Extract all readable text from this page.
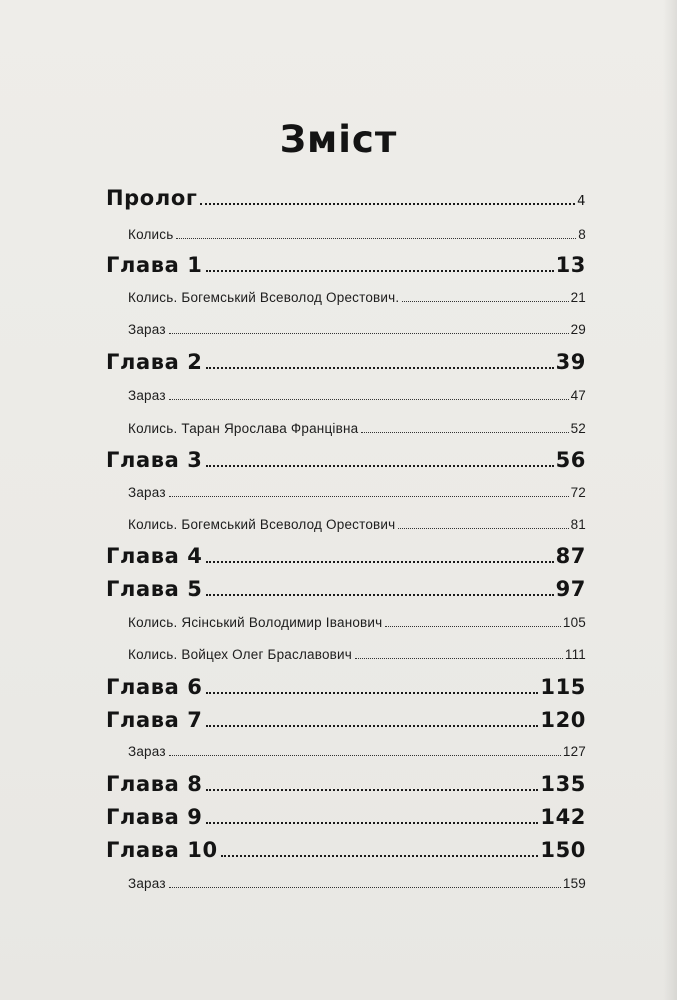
Зміст
Пролог	4
Колись	8
Глава 1	13
Колись. Богемський Всеволод Орестович.	21
Зараз	29
Глава 2	39
Зараз	47
Колись. Таран Ярослава Францівна	52
Глава 3	56
Зараз	72
Колись. Богемський Всеволод Орестович	81
Глава 4	87
Глава 5	97
Колись. Ясінський Володимир Іванович	105
Колись. Войцех Олег Браславович	111
Глава 6	115
Глава 7	120
Зараз	127
Глава 8	135
Глава 9	142
Глава 10	150
Зараз	159
